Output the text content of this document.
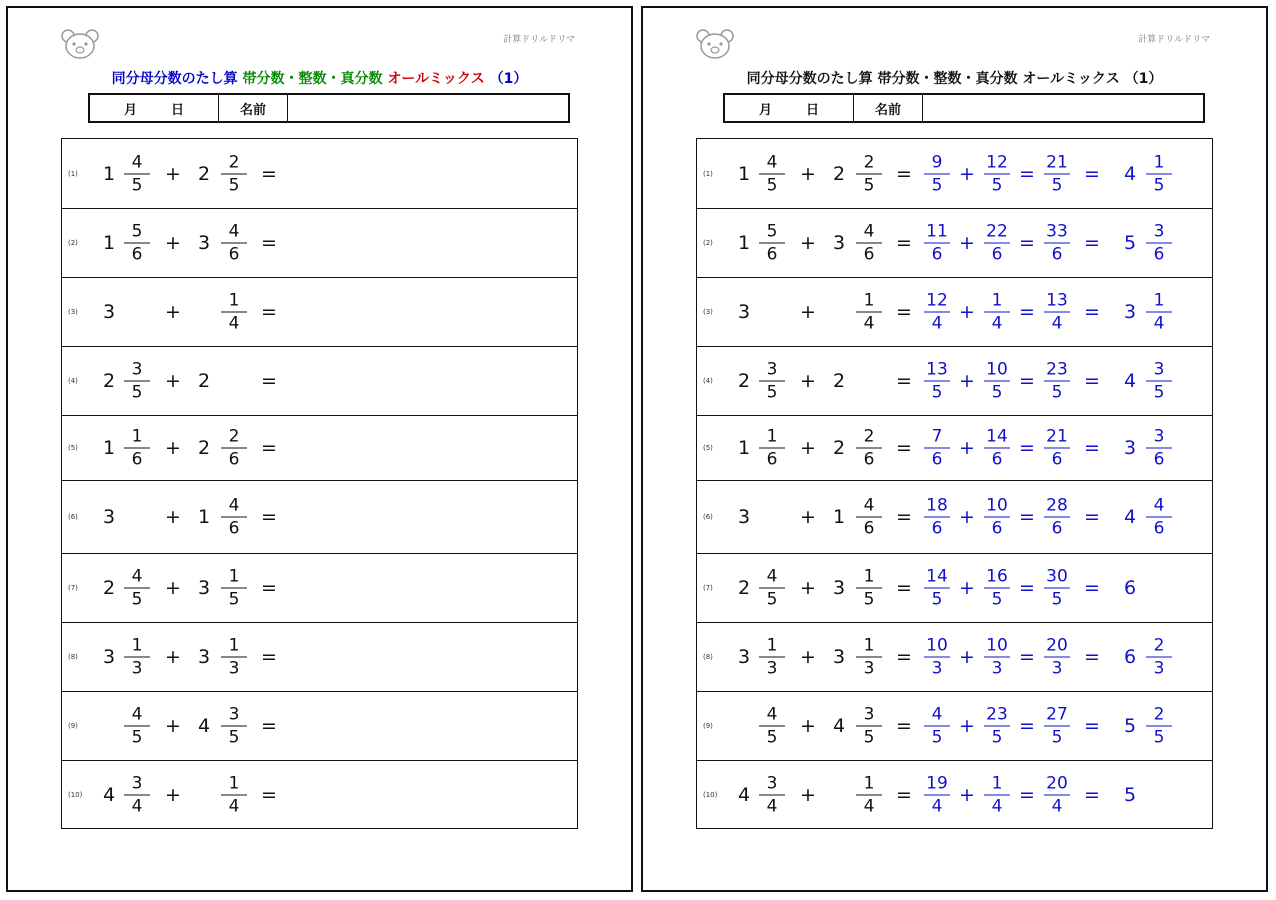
計算ドリルドリマ
同分母分数のたし算 帯分数・整数・真分数 オールミックス （1）
月	日	名前
(1) $1 \frac{4}{5} + 2 \frac{2}{5}$ =
(2) $1 \frac{5}{6} + 3 \frac{4}{6}$ =
(3) 3	+ $\frac{1}{4}$ =
(4) $2 \frac{3}{5} + 2$	=
(5) $1 \frac{1}{6} + 2 \frac{2}{6}$ =
(6) 3	+ $1 \frac{4}{6}$ =
(7) $2 \frac{4}{5} + 3 \frac{1}{5}$ =
(8) $3 \frac{1}{3} + 3 \frac{1}{3}$ =
(9)	$\frac{4}{5} + 4 \frac{3}{5}$ =
(10) $4 \frac{3}{4} + \frac{1}{4}$ =
計算ドリルドリマ
同分母分数のたし算 帯分数・整数・真分数 オールミックス （1）
月	日	名前
(1) $1 \frac{4}{5} + 2 \frac{2}{5} = \frac{9}{5} + \frac{12}{5} = \frac{21}{5} = 4 \frac{1}{5}$
(2) $1 \frac{5}{6} + 3 \frac{4}{6} = \frac{11}{6} + \frac{22}{6} = \frac{33}{6} = 5 \frac{3}{6}$
(3) 3	+ $\frac{1}{4} = \frac{12}{4} + \frac{1}{4} = \frac{13}{4} = 3 \frac{1}{4}$
(4) $2 \frac{3}{5} + 2$	= $\frac{13}{5} + \frac{10}{5} = \frac{23}{5} = 4 \frac{3}{5}$
(5) $1 \frac{1}{6} + 2 \frac{2}{6} = \frac{7}{6} + \frac{14}{6} = \frac{21}{6} = 3 \frac{3}{6}$
(6) 3	+ $1 \frac{4}{6} = \frac{18}{6} + \frac{10}{6} = \frac{28}{6} = 4 \frac{4}{6}$
(7) $2 \frac{4}{5} + 3 \frac{1}{5} = \frac{14}{5} + \frac{16}{5} = \frac{30}{5} = 6$
(8) $3 \frac{1}{3} + 3 \frac{1}{3} = \frac{10}{3} + \frac{10}{3} = \frac{20}{3} = 6 \frac{2}{3}$
(9)	$\frac{4}{5} + 4 \frac{3}{5} = \frac{4}{5} + \frac{23}{5} = \frac{27}{5} = 5 \frac{2}{5}$
(10) $4 \frac{3}{4} + \frac{1}{4} = \frac{19}{4} + \frac{1}{4} = \frac{20}{4} = 5$
